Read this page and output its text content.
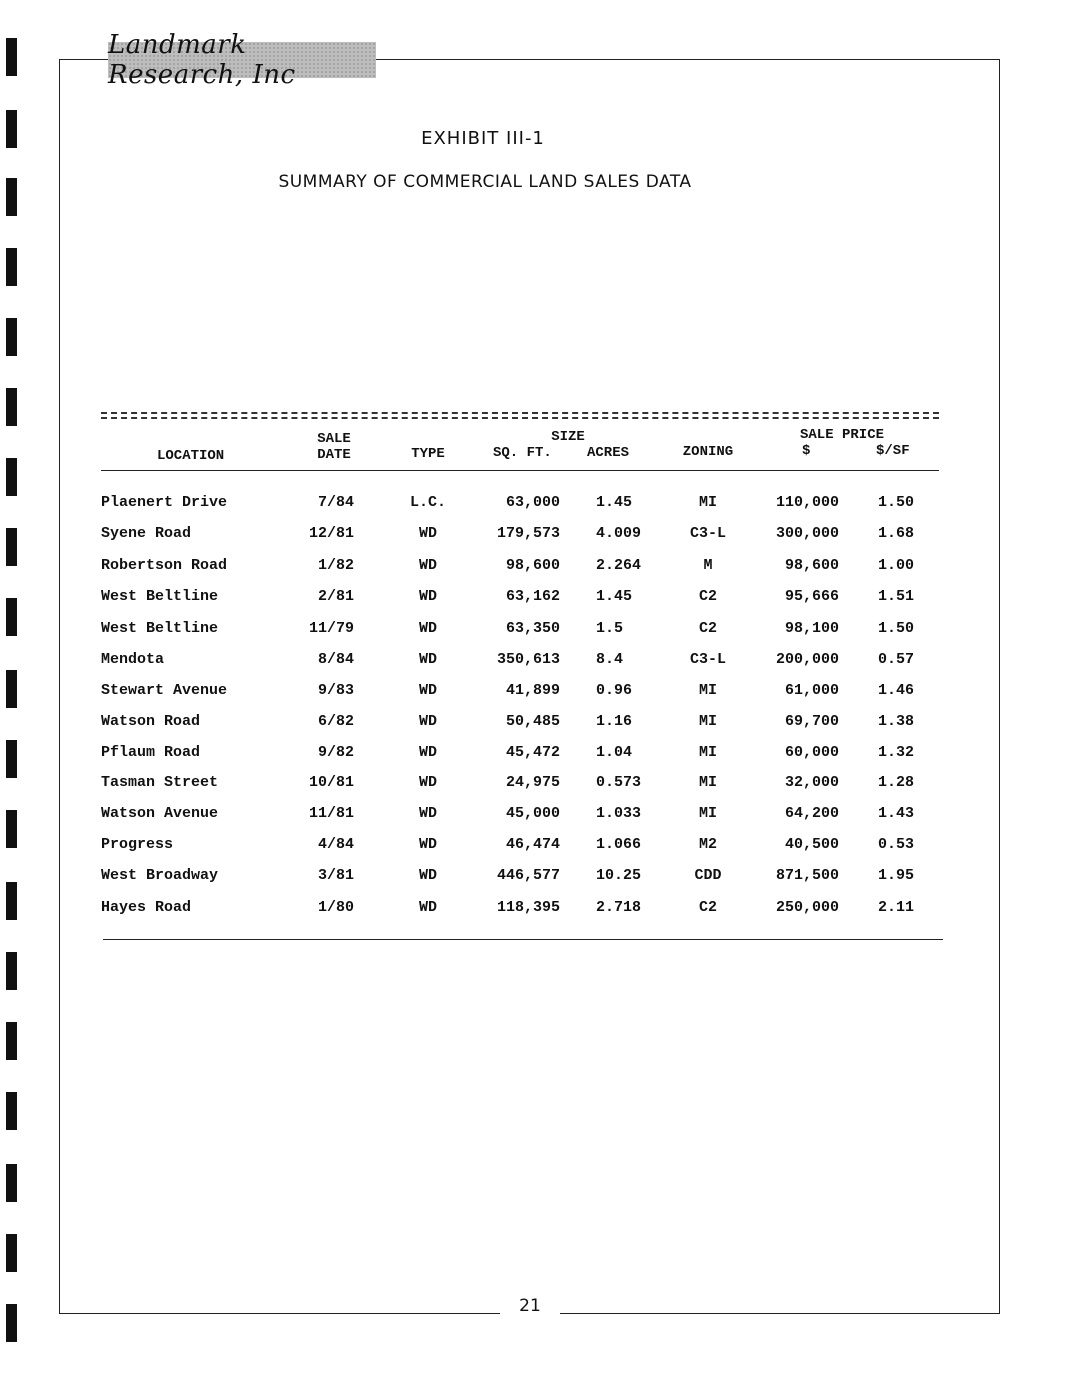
Landmark Research, Inc
EXHIBIT III-1
SUMMARY OF COMMERCIAL LAND SALES DATA
LOCATION
SALE
DATE	TYPE
SIZE
SQ. FT.	ACRES	ZONING
SALE PRICE
$	$/SF
Plaenert Drive	7/84	L.C.	63,000 1.45	MI	110,000	1.50
Syene Road	12/81	WD	179,573 4.009	C3-L	300,000	1.68
Robertson Road	1/82	WD	98,600 2.264	M	98,600	1.00
West Beltline	2/81	WD	63,162 1.45	C2	95,666	1.51
West Beltline	11/79	WD	63,350 1.5	C2	98,100	1.50
Mendota	8/84	WD	350,613 8.4	C3-L	200,000	0.57
Stewart Avenue	9/83	WD	41,899 0.96	MI	61,000	1.46
Watson Road	6/82	WD	50,485 1.16	MI	69,700	1.38
Pflaum Road	9/82	WD	45,472 1.04	MI	60,000	1.32
Tasman Street	10/81	WD	24,975 0.573	MI	32,000	1.28
Watson Avenue	11/81	WD	45,000 1.033	MI	64,200	1.43
Progress	4/84	WD	46,474 1.066	M2	40,500	0.53
West Broadway	3/81	WD	446,577 10.25	CDD	871,500	1.95
Hayes Road	1/80	WD	118,395 2.718	C2	250,000	2.11
21
